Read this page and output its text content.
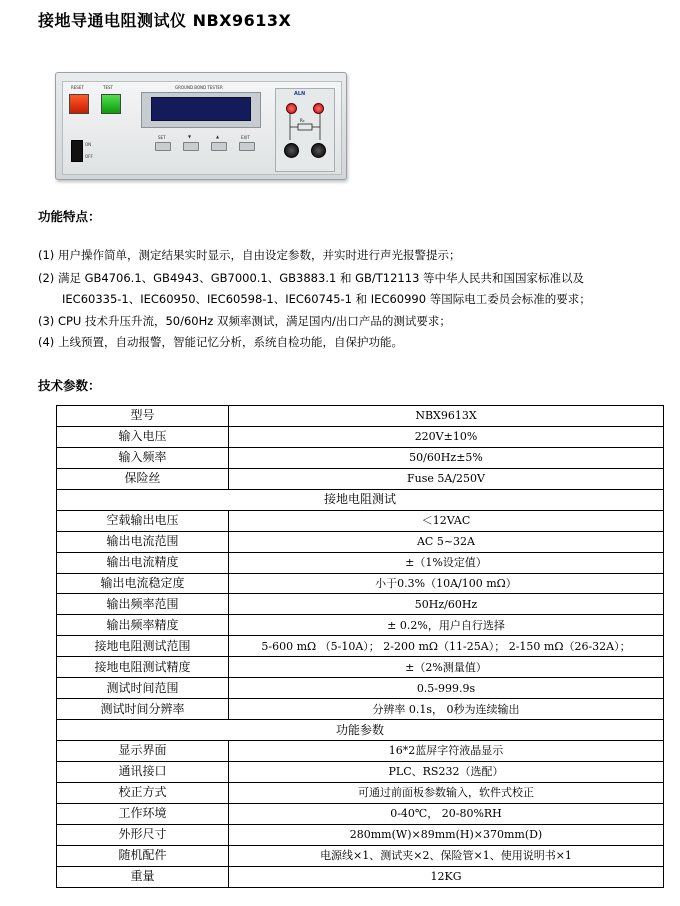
接地导通电阻测试仪 NBX9613X
RESET	TEST
ON
OFF
GROUND BOND TESTER
SET	▼	▲	EXIT
ALN
R₀
功能特点：
(1) 用户操作简单，测定结果实时显示，自由设定参数，并实时进行声光报警提示；
(2) 满足 GB4706.1、GB4943、GB7000.1、GB3883.1 和 GB/T12113 等中华人民共和国国家标准以及
IEC60335-1、IEC60950、IEC60598-1、IEC60745-1 和 IEC60990 等国际电工委员会标准的要求；
(3) CPU 技术升压升流，50/60Hz 双频率测试，满足国内/出口产品的测试要求；
(4) 上线预置，自动报警，智能记忆分析，系统自检功能，自保护功能。
技术参数：
型号	NBX9613X
输入电压	220V±10%
输入频率	50/60Hz±5%
保险丝	Fuse 5A/250V
接地电阻测试	
空载输出电压	＜12VAC
输出电流范围	AC 5~32A
输出电流精度	±（1%设定值）
输出电流稳定度	小于0.3%（10A/100 mΩ）
输出频率范围	50Hz/60Hz
输出频率精度	± 0.2%，用户自行选择
接地电阻测试范围	5-600 mΩ （5-10A）； 2-200 mΩ（11-25A）； 2-150 mΩ（26-32A）；
接地电阻测试精度	±（2%测量值）
测试时间范围	0.5-999.9s
测试时间分辨率	分辨率 0.1s， 0秒为连续输出
功能参数	
显示界面	16*2蓝屏字符液晶显示
通讯接口	PLC、RS232（选配）
校正方式	可通过前面板参数输入，软件式校正
工作环境	0-40℃， 20-80%RH
外形尺寸	280mm(W)×89mm(H)×370mm(D)
随机配件	电源线×1、测试夹×2、保险管×1、使用说明书×1
重量	12KG
